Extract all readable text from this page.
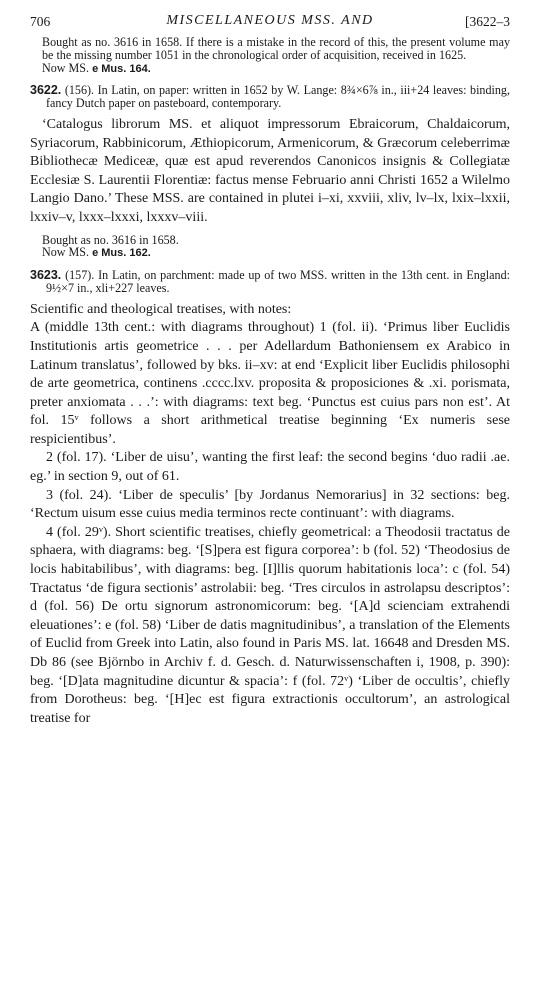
706	MISCELLANEOUS MSS. AND	[3622–3

Bought as no. 3616 in 1658. If there is a mistake in the record of this, the present volume may be the missing number 1051 in the chronological order of acquisition, received in 1625.

Now MS. e Mus. 164.

3622. (156). In Latin, on paper: written in 1652 by W. Lange: 8¾×6⅞ in., iii+24 leaves: binding, fancy Dutch paper on pasteboard, contemporary.

‘Catalogus librorum MS. et aliquot impressorum Ebraicorum, Chaldaicorum, Syriacorum, Rabbinicorum, Æthiopicorum, Armenicorum, & Græcorum celeberrimæ Bibliothecæ Mediceæ, quæ est apud reverendos Canonicos insignis & Collegiatæ Ecclesiæ S. Laurentii Florentiæ: factus mense Februario anni Christi 1652 a Wilelmo Langio Dano.’ These MSS. are contained in plutei i–xi, xxviii, xliv, lv–lx, lxix–lxxii, lxxiv–v, lxxx–lxxxi, lxxxv–viii.

Bought as no. 3616 in 1658.

Now MS. e Mus. 162.

3623. (157). In Latin, on parchment: made up of two MSS. written in the 13th cent. in England: 9½×7 in., xli+227 leaves.

Scientific and theological treatises, with notes:

A (middle 13th cent.: with diagrams throughout) 1 (fol. ii). ‘Primus liber Euclidis Institutionis artis geometrice . . . per Adellardum Bathoniensem ex Arabico in Latinum translatus’, followed by bks. ii–xv: at end ‘Explicit liber Euclidis philosophi de arte geometrica, continens .cccc.lxv. proposita & proposiciones & .xi. porismata, preter anxiomata . . .’: with diagrams: text beg. ‘Punctus est cuius pars non est’. At fol. 15ᵛ follows a short arithmetical treatise beginning ‘Ex numeris sese respicientibus’.

2 (fol. 17). ‘Liber de uisu’, wanting the first leaf: the second begins ‘duo radii .ae. eg.’ in section 9, out of 61.

3 (fol. 24). ‘Liber de speculis’ [by Jordanus Nemorarius] in 32 sections: beg. ‘Rectum uisum esse cuius media terminos recte continuant’: with diagrams.

4 (fol. 29ᵛ). Short scientific treatises, chiefly geometrical: a Theodosii tractatus de sphaera, with diagrams: beg. ‘[S]pera est figura corporea’: b (fol. 52) ‘Theodosius de locis habitabilibus’, with diagrams: beg. [I]llis quorum habitationis loca’: c (fol. 54) Tractatus ‘de figura sectionis’ astrolabii: beg. ‘Tres circulos in astrolapsu descriptos’: d (fol. 56) De ortu signorum astronomicorum: beg. ‘[A]d scienciam extrahendi eleuationes’: e (fol. 58) ‘Liber de datis magnitudinibus’, a translation of the Elements of Euclid from Greek into Latin, also found in Paris MS. lat. 16648 and Dresden MS. Db 86 (see Björnbo in Archiv f. d. Gesch. d. Naturwissenschaften i, 1908, p. 390): beg. ‘[D]ata magnitudine dicuntur & spacia’: f (fol. 72ᵛ) ‘Liber de occultis’, chiefly from Dorotheus: beg. ‘[H]ec est figura extractionis occultorum’, an astrological treatise for
